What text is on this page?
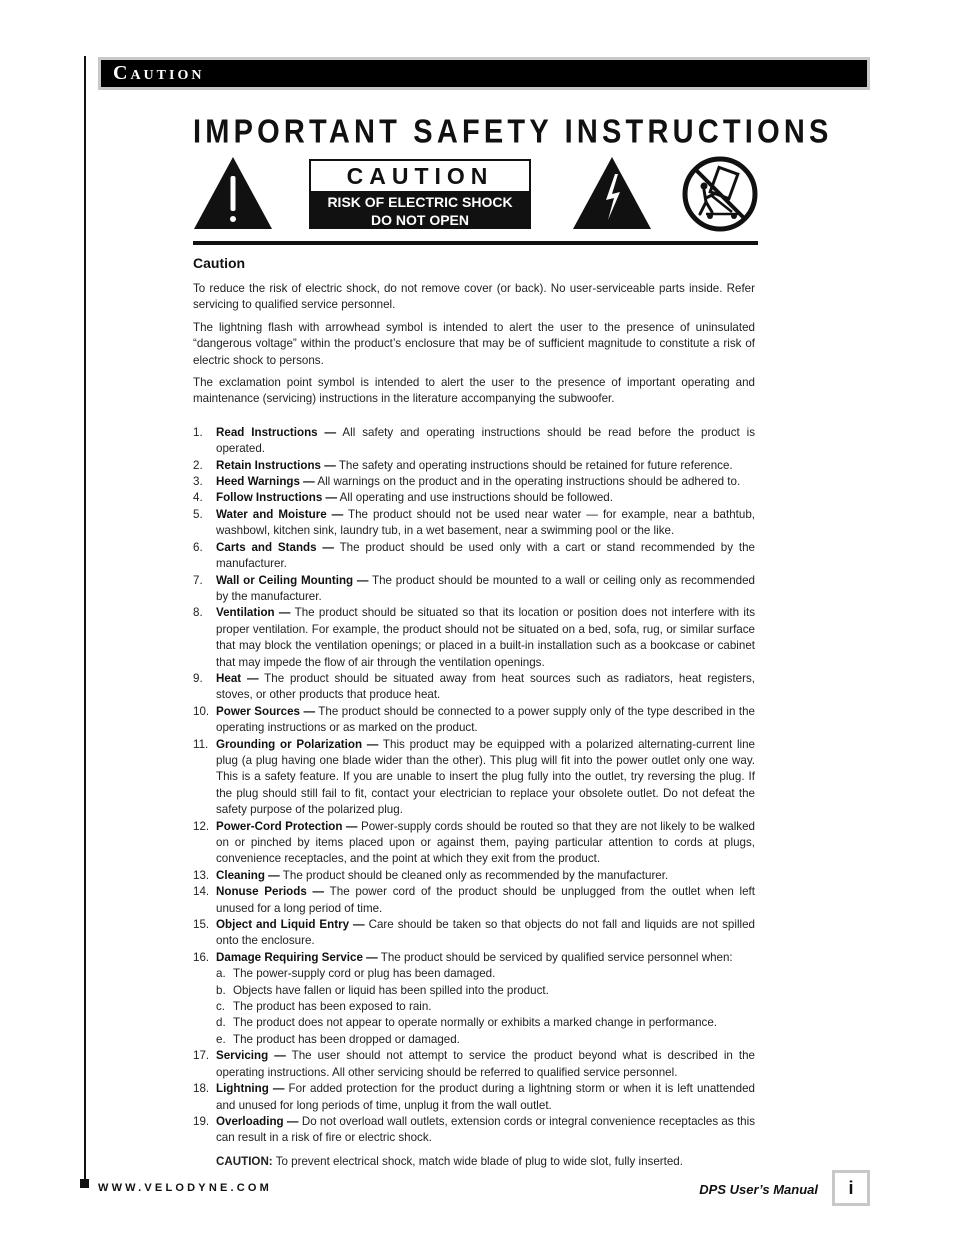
Caution
IMPORTANT SAFETY INSTRUCTIONS
CAUTION
RISK OF ELECTRIC SHOCK
DO NOT OPEN
Caution

To reduce the risk of electric shock, do not remove cover (or back). No user-serviceable parts inside. Refer servicing to qualified service personnel.

The lightning flash with arrowhead symbol is intended to alert the user to the presence of uninsulated “dangerous voltage” within the product’s enclosure that may be of sufficient magnitude to constitute a risk of electric shock to persons.

The exclamation point symbol is intended to alert the user to the presence of important operating and maintenance (servicing) instructions in the literature accompanying the subwoofer.

1.	Read Instructions — All safety and operating instructions should be read before the product is operated.
2.	Retain Instructions — The safety and operating instructions should be retained for future reference.
3.	Heed Warnings — All warnings on the product and in the operating instructions should be adhered to.
4.	Follow Instructions — All operating and use instructions should be followed.
5.	Water and Moisture — The product should not be used near water — for example, near a bathtub, washbowl, kitchen sink, laundry tub, in a wet basement, near a swimming pool or the like.
6.	Carts and Stands — The product should be used only with a cart or stand recommended by the manufacturer.
7.	Wall or Ceiling Mounting — The product should be mounted to a wall or ceiling only as recommended by the manufacturer.
8.	Ventilation — The product should be situated so that its location or position does not interfere with its proper ventilation. For example, the product should not be situated on a bed, sofa, rug, or similar surface that may block the ventilation openings; or placed in a built-in installation such as a bookcase or cabinet that may impede the flow of air through the ventilation openings.
9.	Heat — The product should be situated away from heat sources such as radiators, heat registers, stoves, or other products that produce heat.
10. Power Sources — The product should be connected to a power supply only of the type described in the operating instructions or as marked on the product.
11. Grounding or Polarization — This product may be equipped with a polarized alternating-current line plug (a plug having one blade wider than the other). This plug will fit into the power outlet only one way. This is a safety feature. If you are unable to insert the plug fully into the outlet, try reversing the plug. If the plug should still fail to fit, contact your electrician to replace your obsolete outlet. Do not defeat the safety purpose of the polarized plug.
12. Power-Cord Protection — Power-supply cords should be routed so that they are not likely to be walked on or pinched by items placed upon or against them, paying particular attention to cords at plugs, convenience receptacles, and the point at which they exit from the product.
13. Cleaning — The product should be cleaned only as recommended by the manufacturer.
14. Nonuse Periods — The power cord of the product should be unplugged from the outlet when left unused for a long period of time.
15. Object and Liquid Entry — Care should be taken so that objects do not fall and liquids are not spilled onto the enclosure.
16. Damage Requiring Service — The product should be serviced by qualified service personnel when:
a. The power-supply cord or plug has been damaged.
b. Objects have fallen or liquid has been spilled into the product.
c. The product has been exposed to rain.
d. The product does not appear to operate normally or exhibits a marked change in performance.
e. The product has been dropped or damaged.
17. Servicing — The user should not attempt to service the product beyond what is described in the operating instructions. All other servicing should be referred to qualified service personnel.
18. Lightning — For added protection for the product during a lightning storm or when it is left unattended and unused for long periods of time, unplug it from the wall outlet.
19. Overloading — Do not overload wall outlets, extension cords or integral convenience receptacles as this can result in a risk of fire or electric shock.
CAUTION: To prevent electrical shock, match wide blade of plug to wide slot, fully inserted.
WWW.VELODYNE.COM	DPS User’s Manual	i
